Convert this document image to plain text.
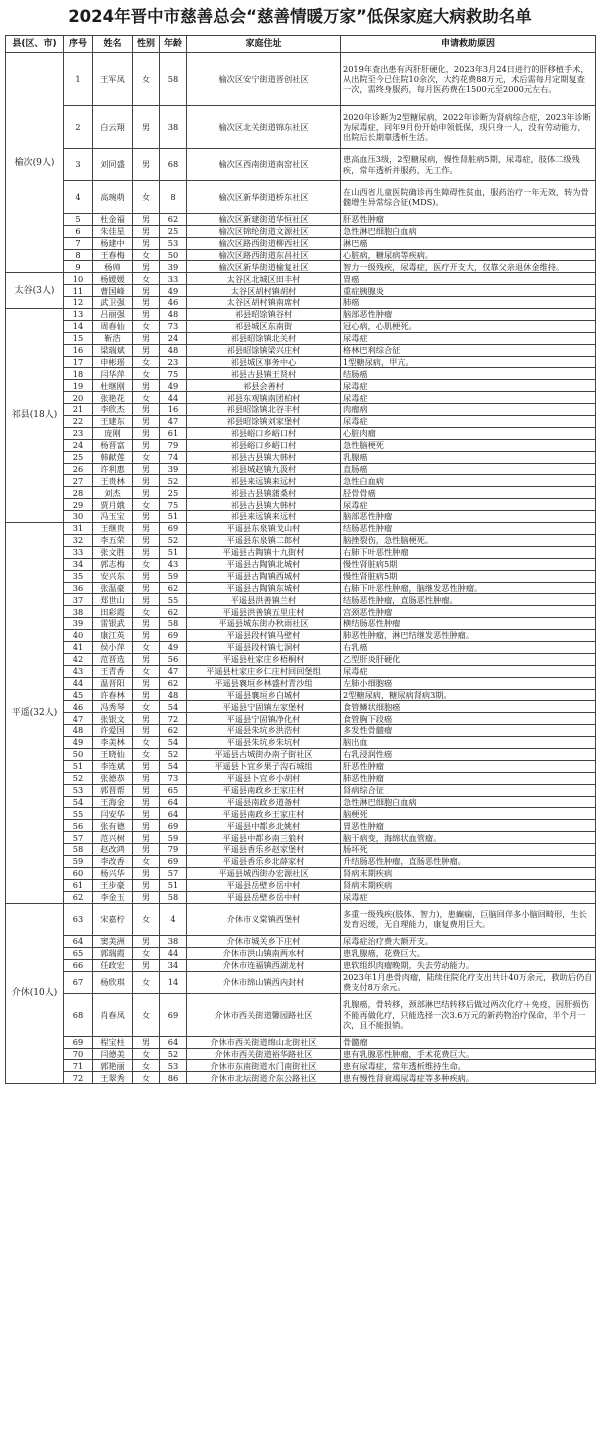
2024年晋中市慈善总会“慈善情暖万家”低保家庭大病救助名单
县(区、市)	序号	姓名	性别	年龄	家庭住址	申请救助原因
榆次(9人)	1	王军凤	女	58	榆次区安宁街道晋创社区	2019年查出患有丙肝肝硬化，2023年3月24日进行的肝移植手术，从出院至今已住院10余次，大约花费88万元，术后需每月定期复查一次，需终身服药，每月医药费在1500元至2000元左右。
	2	白云翔	男	38	榆次区北关街道锦东社区	2020年诊断为2型糖尿病，2022年诊断为肾病综合症，2023年诊断为尿毒症，同年9月份开始申领低保，现只身一人，没有劳动能力，出院后长期靠透析生活。
	3	刘同盛	男	68	榆次区西南街道南窑社区	患高血压3级，2型糖尿病，慢性肾脏病5期，尿毒症，肢体二级残疾，常年透析并服药，无工作。
	4	高琬萌	女	8	榆次区新华街道桥东社区	在山西省儿童医院确诊再生障碍性贫血，服药治疗一年无效，转为骨髓增生异常综合征(MDS)。
	5	杜金福	男	62	榆次区新建街道华恒社区	肝恶性肿瘤
	6	朱佳星	男	25	榆次区锦纶街道文源社区	急性淋巴细胞白血病
	7	杨建中	男	53	榆次区路西街道柳西社区	淋巴癌
	8	王春梅	女	50	榆次区路西街道东昌社区	心脏病，糖尿病等疾病。
	9	杨帅	男	39	榆次区新华街道榆复社区	智力一级残疾，尿毒症，医疗开支大，仅靠父亲退休金维持。
太谷(3人)	10	杨媛媛	女	33	太谷区北城区田丰村	胃癌
	11	曹国峰	男	49	太谷区胡村镇胡村	重症胰腺炎
	12	武卫强	男	46	太谷区胡村镇南席村	肺癌
祁县(18人)	13	吕丽强	男	48	祁县昭馀镇谷村	脑部恶性肿瘤
	14	周春仙	女	73	祁县城区东南街	冠心病，心肌梗死。
	15	靳浩	男	24	祁县昭馀镇北关村	尿毒症
	16	梁瑞斌	男	48	祁县昭馀镇梁兴庄村	格林巴利综合征
	17	申彬瑶	女	23	祁县城区事务中心	1型糖尿病，甲亢。
	18	闫华萍	女	75	祁县古县镇王贤村	结肠癌
	19	杜继刚	男	49	祁县会善村	尿毒症
	20	张艳花	女	44	祁县东观镇南团柏村	尿毒症
	21	李欣杰	男	16	祁县昭馀镇北谷丰村	肉瘤病
	22	王建东	男	47	祁县昭馀镇刘家堡村	尿毒症
	23	庞刚	男	61	祁县峪口乡峪口村	心脏肉瘤
	24	杨晋富	男	79	祁县峪口乡峪口村	急性脑梗死
	25	韩献莲	女	74	祁县古县镇大韩村	乳腺癌
	26	许利惠	男	39	祁县城赵镇九汲村	直肠癌
	27	王贵林	男	52	祁县来远镇来远村	急性白血病
	28	刘杰	男	25	祁县古县镇蒲桑村	胫骨骨癌
	29	贾月娥	女	75	祁县古县镇大韩村	尿毒症
	30	冯玉宝	男	51	祁县来远镇来远村	脑部恶性肿瘤
平遥(32人)	31	王继贵	男	69	平遥县东泉镇戈山村	结肠恶性肿瘤
	32	李五荣	男	52	平遥县东泉镇二郎村	脑挫裂伤，急性脑梗死。
	33	张文胜	男	51	平遥县古陶镇十九街村	右肺下叶恶性肿瘤
	34	郭志梅	女	43	平遥县古陶镇北城村	慢性肾脏病5期
	35	安兴东	男	59	平遥县古陶镇西城村	慢性肾脏病5期
	36	张温豪	男	62	平遥县古陶镇东城村	右肺下叶恶性肿瘤，脑继发恶性肿瘤。
	37	郑世山	男	55	平遥县洪善镇兰村	结肠恶性肿瘤，直肠恶性肿瘤。
	38	田彩霞	女	62	平遥县洪善镇五里庄村	宫颈恶性肿瘤
	39	雷银武	男	58	平遥县城东街办秋雨社区	横结肠恶性肿瘤
	40	康江英	男	69	平遥县段村镇马壁村	肺恶性肿瘤，淋巴结继发恶性肿瘤。
	41	侯小萍	女	49	平遥县段村镇七洞村	右乳癌
	42	范晋选	男	56	平遥县杜家庄乡梧桐村	乙型肝炎肝硬化
	43	王青香	女	47	平遥县杜家庄乡仁庄村回回堡组	尿毒症
	44	温晋阳	男	62	平遥县襄垣乡林盛村青沙组	左肺小细胞癌
	45	许春林	男	48	平遥县襄垣乡白城村	2型糖尿病，糖尿病肾病3期。
	46	冯秀琴	女	54	平遥县宁固镇左家堡村	食管鳞状细胞癌
	47	张银文	男	72	平遥县宁固镇净化村	食管胸下段癌
	48	许爱国	男	62	平遥县朱坑乡洪浩村	多发性骨髓瘤
	49	李美林	女	54	平遥县朱坑乡朱坑村	脑出血
	50	王晓仙	女	52	平遥县古城街办南子街社区	右乳浸润性癌
	51	李连斌	男	54	平遥县卜宜乡果子沟石城组	肝恶性肿瘤
	52	张德恭	男	73	平遥县卜宜乡小胡村	肺恶性肿瘤
	53	郭晋帮	男	65	平遥县南政乡王家庄村	肾病综合征
	54	王海金	男	64	平遥县南政乡道备村	急性淋巴细胞白血病
	55	闫安华	男	64	平遥县南政乡王家庄村	脑梗死
	56	张有德	男	69	平遥县中都乡北姚村	胃恶性肿瘤
	57	范兴树	男	59	平遥县中都乡南三狼村	脑干病变，海绵状血管瘤。
	58	赵改鸿	男	79	平遥县香乐乡赵家堡村	肠坏死
	59	李改香	女	69	平遥县香乐乡北薛家村	升结肠恶性肿瘤，直肠恶性肿瘤。
	60	杨兴华	男	57	平遥县城西街办宏源社区	肾病末期疾病
	61	王步豪	男	51	平遥县岳壁乡岳中村	肾病末期疾病
	62	李金玉	男	58	平遥县岳壁乡岳中村	尿毒症
介休(10人)	63	宋嘉柠	女	4	介休市义棠镇西堡村	多重一级残疾(肢体、智力)，患癫痫，巨脑回伴多小脑回畸形，生长发育迟缓，无自理能力，康复费用巨大。
	64	窦美洲	男	38	介休市城关乡下庄村	尿毒症治疗费大额开支。
	65	郭瑞霞	女	44	介休市洪山镇南两水村	患乳腺癌，花费巨大。
	66	任政宏	男	34	介休市连福镇西湖龙村	患软组织肉瘤晚期，失去劳动能力。
	67	杨欣琪	女	14	介休市绵山镇西内封村	2023年1月患骨肉瘤，陆续住院化疗支出共计40万余元，救助后仍自费支付8万余元。
	68	肖春凤	女	69	介休市西关街道馨园路社区	乳腺癌，骨转移，颈部淋巴结转移后做过两次化疗＋免疫，因肝损伤不能再做化疗，只能选择一次3.6万元的新药物治疗保命，半个月一次，且不能报销。
	69	程宝柱	男	64	介休市西关街道绵山北街社区	骨髓瘤
	70	闫德美	女	52	介休市西关街道裕华路社区	患有乳腺恶性肿瘤，手术花费巨大。
	71	郭艳丽	女	53	介休市东南街道水门南街社区	患有尿毒症，常年透析维持生命。
	72	王翠秀	女	86	介休市北坛街道介东公路社区	患有慢性肾衰竭尿毒症等多种疾病。
